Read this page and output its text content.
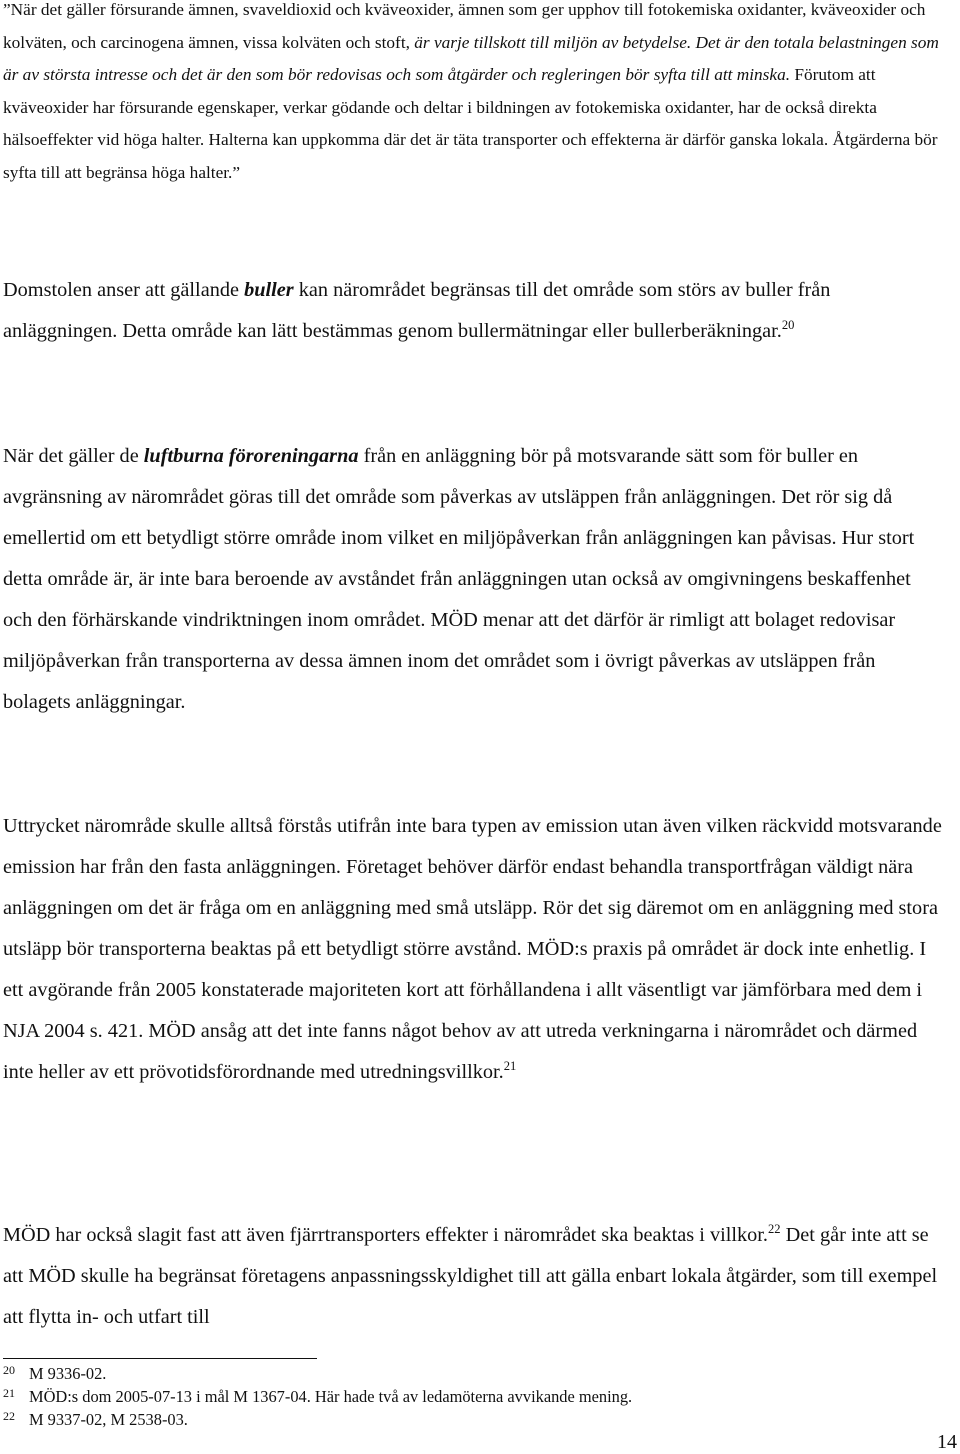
”När det gäller försurande ämnen, svaveldioxid och kväveoxider, ämnen som ger upphov till fotokemiska oxidanter, kväveoxider och kolväten, och carcinogena ämnen, vissa kolväten och stoft, är varje tillskott till miljön av betydelse. Det är den totala belastningen som är av största intresse och det är den som bör redovisas och som åtgärder och regleringen bör syfta till att minska. Förutom att kväveoxider har försurande egenskaper, verkar gödande och deltar i bildningen av fotokemiska oxidanter, har de också direkta hälsoeffekter vid höga halter. Halterna kan uppkomma där det är täta transporter och effekterna är därför ganska lokala. Åtgärderna bör syfta till att begränsa höga halter.”

Domstolen anser att gällande buller kan närområdet begränsas till det område som störs av buller från anläggningen. Detta område kan lätt bestämmas genom bullermätningar eller bullerberäkningar.$^{20}$

När det gäller de luftburna föroreningarna från en anläggning bör på motsvarande sätt som för buller en avgränsning av närområdet göras till det område som påverkas av utsläppen från anläggningen. Det rör sig då emellertid om ett betydligt större område inom vilket en miljöpåverkan från anläggningen kan påvisas. Hur stort detta område är, är inte bara beroende av avståndet från anläggningen utan också av omgivningens beskaffenhet och den förhärskande vindriktningen inom området. MÖD menar att det därför är rimligt att bolaget redovisar miljöpåverkan från transporterna av dessa ämnen inom det området som i övrigt påverkas av utsläppen från bolagets anläggningar.

Uttrycket närområde skulle alltså förstås utifrån inte bara typen av emission utan även vilken räckvidd motsvarande emission har från den fasta anläggningen. Företaget behöver därför endast behandla transportfrågan väldigt nära anläggningen om det är fråga om en anläggning med små utsläpp. Rör det sig däremot om en anläggning med stora utsläpp bör transporterna beaktas på ett betydligt större avstånd. MÖD:s praxis på området är dock inte enhetlig. I ett avgörande från 2005 konstaterade majoriteten kort att förhållandena i allt väsentligt var jämförbara med dem i NJA 2004 s. 421. MÖD ansåg att det inte fanns något behov av att utreda verkningarna i närområdet och därmed inte heller av ett prövotidsförordnande med utredningsvillkor.$^{21}$

MÖD har också slagit fast att även fjärrtransporters effekter i närområdet ska beaktas i villkor.$^{22}$ Det går inte att se att MÖD skulle ha begränsat företagens anpassningsskyldighet till att gälla enbart lokala åtgärder, som till exempel att flytta in- och utfart till

20 M 9336-02.

21 MÖD:s dom 2005-07-13 i mål M 1367-04. Här hade två av ledamöterna avvikande mening.

22 M 9337-02, M 2538-03.

14
